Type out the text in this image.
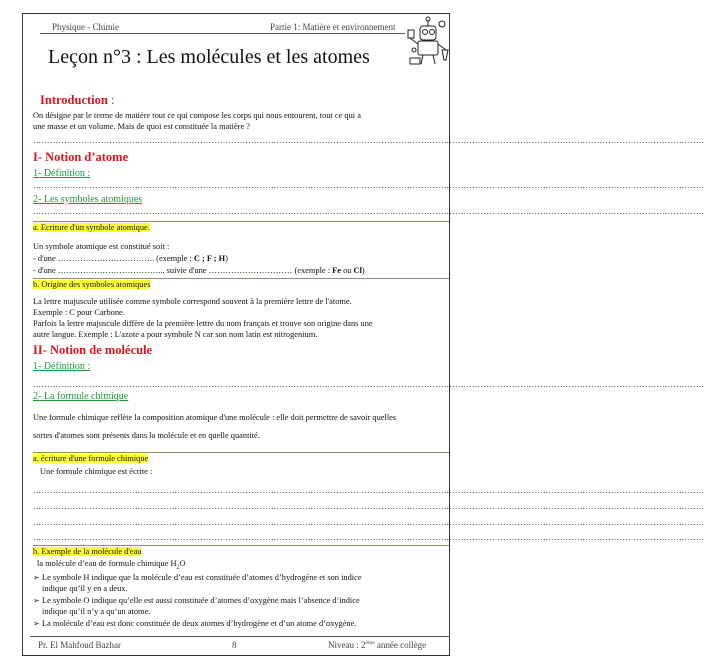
Physique - Chimie	Partie 1: Matière et environnement
Leçon n°3 : Les molécules et les atomes
Introduction :
On désigne par le terme de matière tout ce qui compose les corps qui nous entourent, tout ce qui a
une masse et un volume. Mais de quoi est constituée la matière ?
…………………………………………………………………………………………………………………………………………………………………………………………………………………
I- Notion d’atome
1- Définition :
…………………………………………………………………………………………………………………………………………………………………………………………………………………
2- Les symboles atomiques
…………………………………………………………………………………………………………………………………………………………………………………………………………………
a. Ecriture d'un symbole atomique.
Un symbole atomique est constitué soit :
- d'une …………………………….. (exemple : C ; F ; H)
- d'une ………………………………... suivie d'une ………………………… (exemple : Fe ou Cl)
b. Origine des symboles atomiques
La lettre majuscule utilisée comme symbole correspond souvent à la première lettre de l'atome.
Exemple : C pour Carbone.
Parfois la lettre majuscule diffère de la première lettre du nom français et trouve son origine dans une
autre langue. Exemple : L'azote a pour symbole N car son nom latin est nitrogenium.
II- Notion de molécule
1- Définition :
…………………………………………………………………………………………………………………………………………………………………………………………………………………
2- La formule chimique
Une formule chimique reflète la composition atomique d'une molécule : elle doit permettre de savoir quelles
sortes d'atomes sont présents dans la molécule et en quelle quantité.
a. écriture d'une formule chimique
Une formule chimique est écrite :
…………………………………………………………………………………………………………………………………………………………………………………………………………………
…………………………………………………………………………………………………………………………………………………………………………………………………………………
…………………………………………………………………………………………………………………………………………………………………………………………………………………
…………………………………………………………………………………………………………………………………………………………………………………………………………………
b. Exemple de la molécule d'eau
la molécule d’eau de formule chimique $H_2O$
➢ Le symbole H indique que la molécule d’eau est constituée d’atomes d’hydrogène et son indice
indique qu’il y en a deux.
➢ Le symbole O indique qu’elle est aussi constituée d’atomes d’oxygène mais l’absence d’indice
indique qu’il n’y a qu’un atome.
➢ La molécule d’eau est donc constituée de deux atomes d’hydrogène et d’un atome d’oxygène.
Pr. El Mahfoud Bazhar	8	Niveau : 2ème année collège
